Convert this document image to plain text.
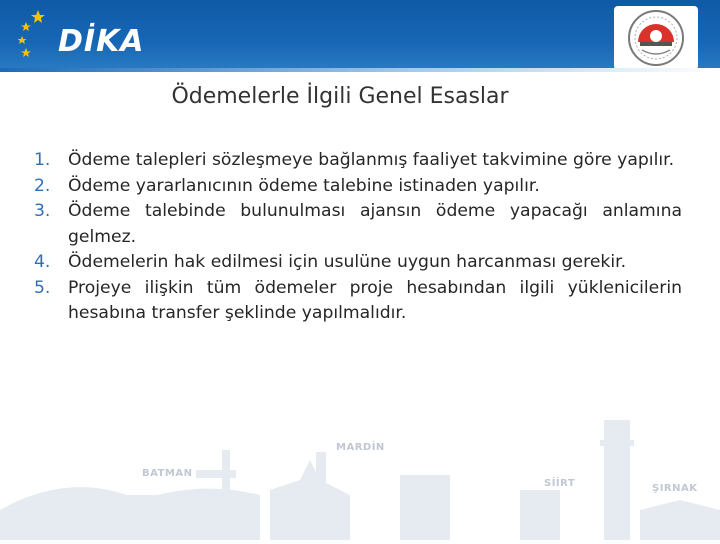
DİKA
Ödemelerle İlgili Genel Esaslar
1. Ödeme talepleri sözleşmeye bağlanmış faaliyet takvimine göre yapılır.
2. Ödeme yararlanıcının ödeme talebine istinaden yapılır.
3. Ödeme talebinde bulunulması ajansın ödeme yapacağı anlamına gelmez.
4. Ödemelerin hak edilmesi için usulüne uygun harcanması gerekir.
5. Projeye ilişkin tüm ödemeler proje hesabından ilgili yüklenicilerin hesabına transfer şeklinde yapılmalıdır.
BATMAN
MARDİN
SİİRT	ŞIRNAK
